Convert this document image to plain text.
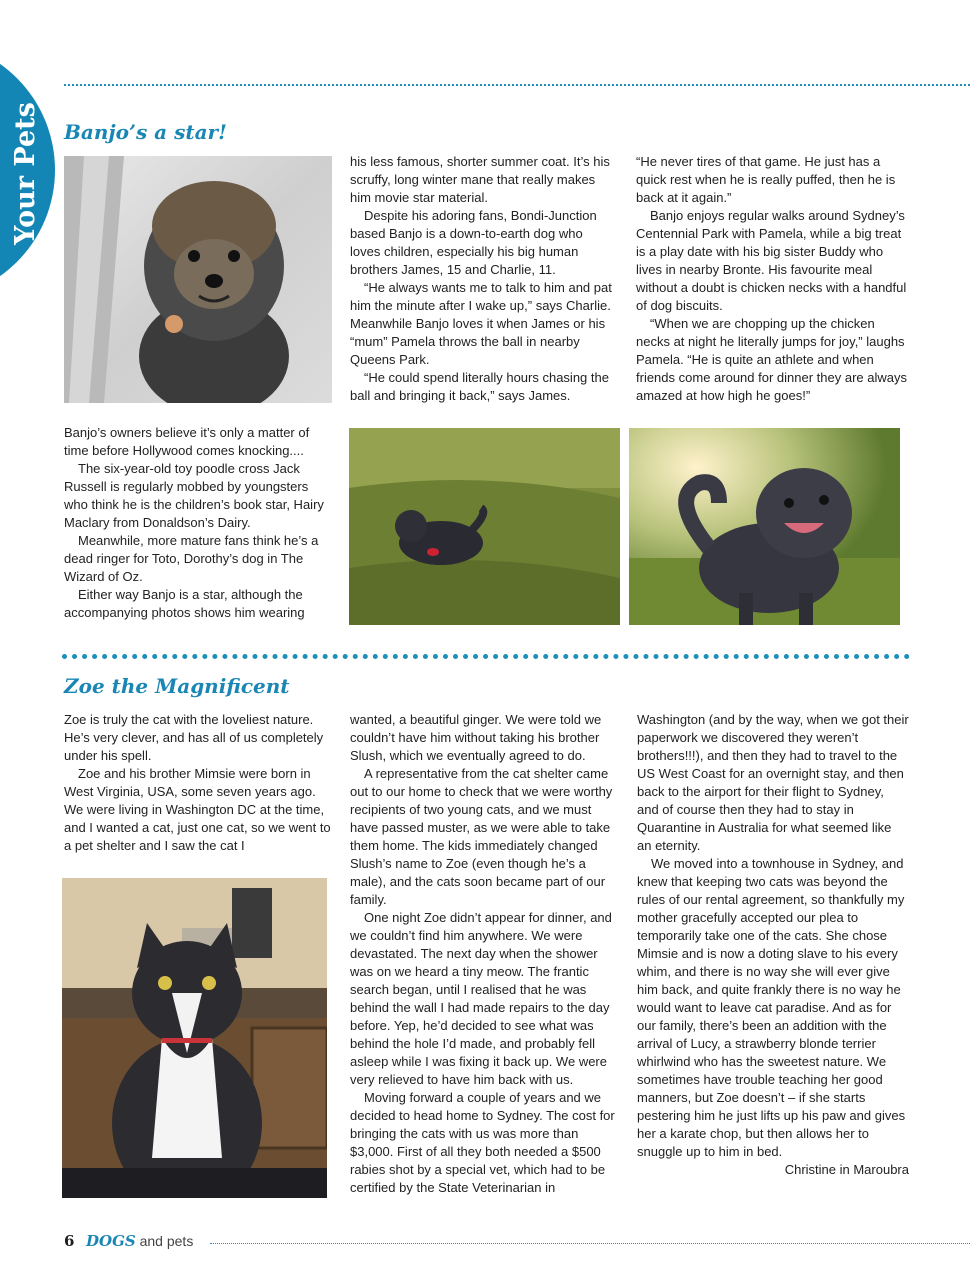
Your Pets Banjo’s a star!

Banjo’s owners believe it’s only a matter of time before Hollywood comes knocking....

The six-year-old toy poodle cross Jack Russell is regularly mobbed by youngsters who think he is the children’s book star, Hairy Maclary from Donaldson’s Dairy.

Meanwhile, more mature fans think he’s a dead ringer for Toto, Dorothy’s dog in The Wizard of Oz.

Either way Banjo is a star, although the accompanying photos shows him wearing

his less famous, shorter summer coat. It’s his scruffy, long winter mane that really makes him movie star material.

Despite his adoring fans, Bondi-Junction based Banjo is a down-to-earth dog who loves children, especially his big human brothers James, 15 and Charlie, 11.

“He always wants me to talk to him and pat him the minute after I wake up,” says Charlie. Meanwhile Banjo loves it when James or his “mum” Pamela throws the ball in nearby Queens Park.

“He could spend literally hours chasing the ball and bringing it back,” says James.

“He never tires of that game. He just has a quick rest when he is really puffed, then he is back at it again.”

Banjo enjoys regular walks around Sydney’s Centennial Park with Pamela, while a big treat is a play date with his big sister Buddy who lives in nearby Bronte. His favourite meal without a doubt is chicken necks with a handful of dog biscuits.

“When we are chopping up the chicken necks at night he literally jumps for joy,” laughs Pamela. “He is quite an athlete and when friends come around for dinner they are always amazed at how high he goes!”

Zoe the Magnificent

Zoe is truly the cat with the loveliest nature. He’s very clever, and has all of us completely under his spell.

Zoe and his brother Mimsie were born in West Virginia, USA, some seven years ago. We were living in Washington DC at the time, and I wanted a cat, just one cat, so we went to a pet shelter and I saw the cat I

wanted, a beautiful ginger. We were told we couldn’t have him without taking his brother Slush, which we eventually agreed to do.

A representative from the cat shelter came out to our home to check that we were worthy recipients of two young cats, and we must have passed muster, as we were able to take them home. The kids immediately changed Slush’s name to Zoe (even though he’s a male), and the cats soon became part of our family.

One night Zoe didn’t appear for dinner, and we couldn’t find him anywhere. We were devastated. The next day when the shower was on we heard a tiny meow. The frantic search began, until I realised that he was behind the wall I had made repairs to the day before. Yep, he’d decided to see what was behind the hole I’d made, and probably fell asleep while I was fixing it back up. We were very relieved to have him back with us.

Moving forward a couple of years and we decided to head home to Sydney. The cost for bringing the cats with us was more than $3,000. First of all they both needed a $500 rabies shot by a special vet, which had to be certified by the State Veterinarian in

Washington (and by the way, when we got their paperwork we discovered they weren’t brothers!!!), and then they had to travel to the US West Coast for an overnight stay, and then back to the airport for their flight to Sydney, and of course then they had to stay in Quarantine in Australia for what seemed like an eternity.

We moved into a townhouse in Sydney, and knew that keeping two cats was beyond the rules of our rental agreement, so thankfully my mother gracefully accepted our plea to temporarily take one of the cats. She chose Mimsie and is now a doting slave to his every whim, and there is no way she will ever give him back, and quite frankly there is no way he would want to leave cat paradise. And as for our family, there’s been an addition with the arrival of Lucy, a strawberry blonde terrier whirlwind who has the sweetest nature. We sometimes have trouble teaching her good manners, but Zoe doesn’t – if she starts pestering him he just lifts up his paw and gives her a karate chop, but then allows her to snuggle up to him in bed.

Christine in Maroubra

6 DOGS and pets
